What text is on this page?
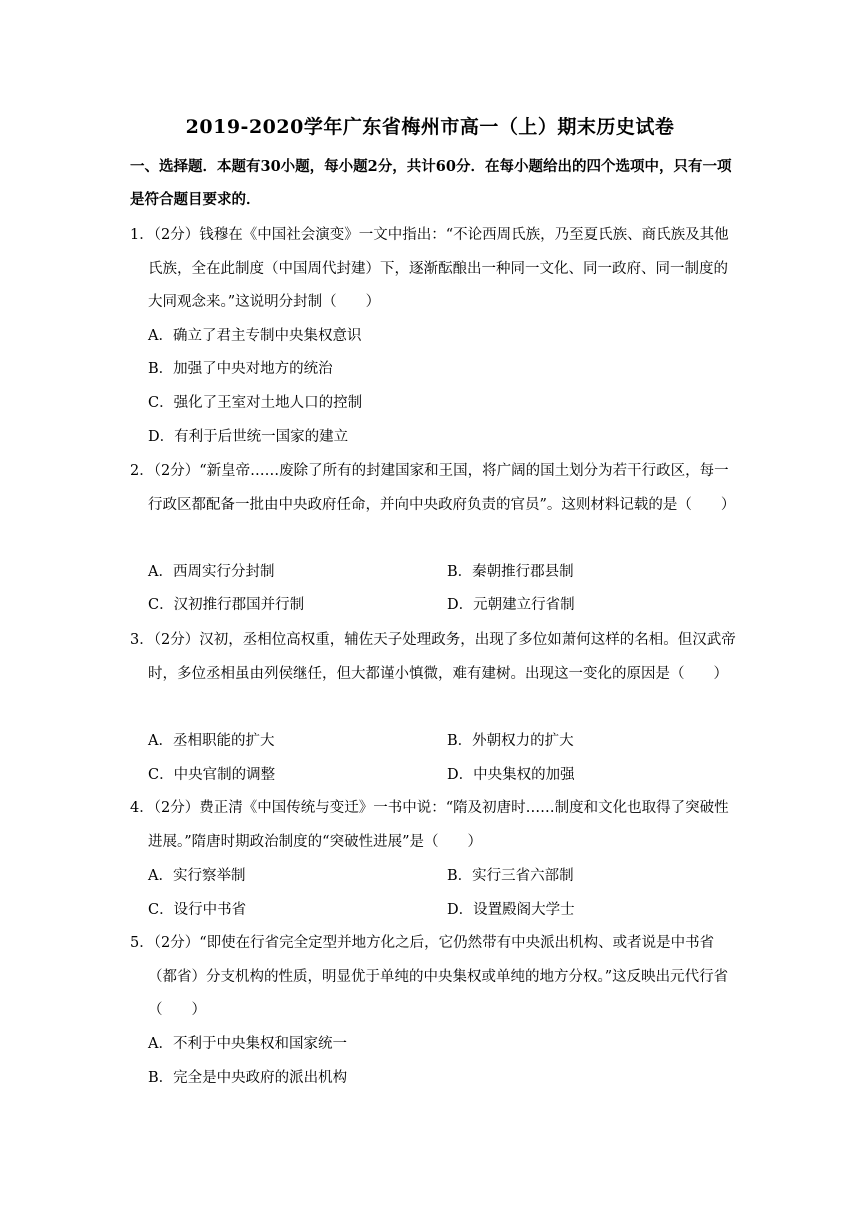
2019-2020学年广东省梅州市高一（上）期末历史试卷
一、选择题．本题有30小题，每小题2分，共计60分．在每小题给出的四个选项中，只有一项是符合题目要求的．
1．（2分）钱穆在《中国社会演变》一文中指出：“不论西周氏族，乃至夏氏族、商氏族及其他氏族，全在此制度（中国周代封建）下，逐渐酝酿出一种同一文化、同一政府、同一制度的大同观念来。”这说明分封制（　　）
A．确立了君主专制中央集权意识
B．加强了中央对地方的统治
C．强化了王室对土地人口的控制
D．有利于后世统一国家的建立
2．（2分）“新皇帝……废除了所有的封建国家和王国，将广阔的国土划分为若干行政区，每一行政区都配备一批由中央政府任命，并向中央政府负责的官员”。这则材料记载的是（　　）
A．西周实行分封制	B．秦朝推行郡县制
C．汉初推行郡国并行制	D．元朝建立行省制
3．（2分）汉初，丞相位高权重，辅佐天子处理政务，出现了多位如萧何这样的名相。但汉武帝时，多位丞相虽由列侯继任，但大都谨小慎微，难有建树。出现这一变化的原因是（　　）
A．丞相职能的扩大	B．外朝权力的扩大
C．中央官制的调整	D．中央集权的加强
4．（2分）费正清《中国传统与变迁》一书中说：“隋及初唐时……制度和文化也取得了突破性进展。”隋唐时期政治制度的“突破性进展”是（　　）
A．实行察举制	B．实行三省六部制
C．设行中书省	D．设置殿阁大学士
5．（2分）“即使在行省完全定型并地方化之后，它仍然带有中央派出机构、或者说是中书省（都省）分支机构的性质，明显优于单纯的中央集权或单纯的地方分权。”这反映出元代行省（　　）
A．不利于中央集权和国家统一
B．完全是中央政府的派出机构
